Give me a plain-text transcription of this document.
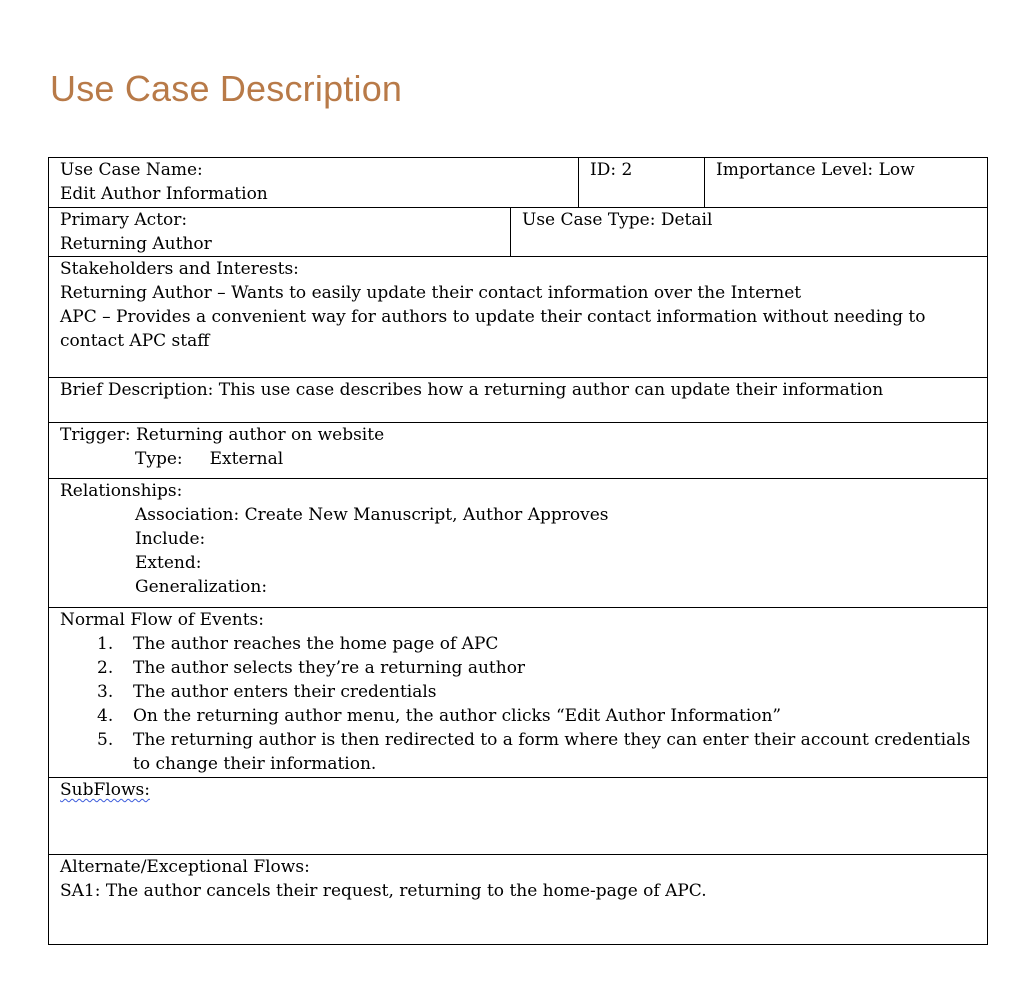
Use Case Description
Use Case Name:
Edit Author Information
ID: 2	Importance Level: Low
Primary Actor:
Returning Author
Use Case Type: Detail
Stakeholders and Interests:
Returning Author – Wants to easily update their contact information over the Internet
APC – Provides a convenient way for authors to update their contact information without needing to
contact APC staff
Brief Description: This use case describes how a returning author can update their information
Trigger: Returning author on website
Type:     External
Relationships:
Association: Create New Manuscript, Author Approves
Include:
Extend:
Generalization:
Normal Flow of Events:
1. The author reaches the home page of APC
2. The author selects they’re a returning author
3. The author enters their credentials
4. On the returning author menu, the author clicks “Edit Author Information”
5. The returning author is then redirected to a form where they can enter their account credentials
to change their information.
SubFlows:
Alternate/Exceptional Flows:
SA1: The author cancels their request, returning to the home-page of APC.
